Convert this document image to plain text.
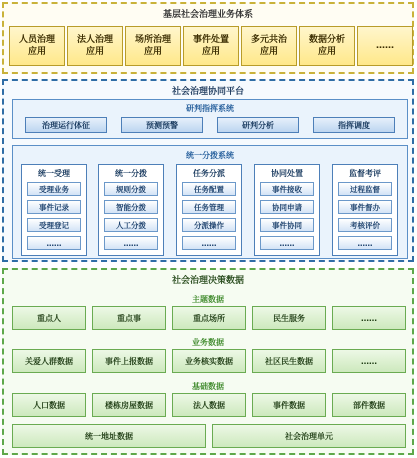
基层社会治理业务体系
人员治理
应用
法人治理
应用
场所治理
应用
事件处置
应用
多元共治
应用
数据分析
应用
……
社会治理协同平台
研判指挥系统
治理运行体征	预测预警	研判分析	指挥调度
统一分拨系统
统一受理
受理业务
事件记录
受理登记
……
统一分拨
规则分拨
智能分拨
人工分拨
……
任务分派
任务配置
任务管理
分派操作
……
协同处置
事件接收
协同申请
事件协同
……
监督考评
过程监督
事件督办
考核评价
……
社会治理决策数据
主题数据
重点人	重点事	重点场所	民生服务	……
业务数据
关爱人群数据	事件上报数据	业务核实数据	社区民生数据	……
基础数据
人口数据	楼栋房屋数据	法人数据	事件数据	部件数据
统一地址数据	社会治理单元
